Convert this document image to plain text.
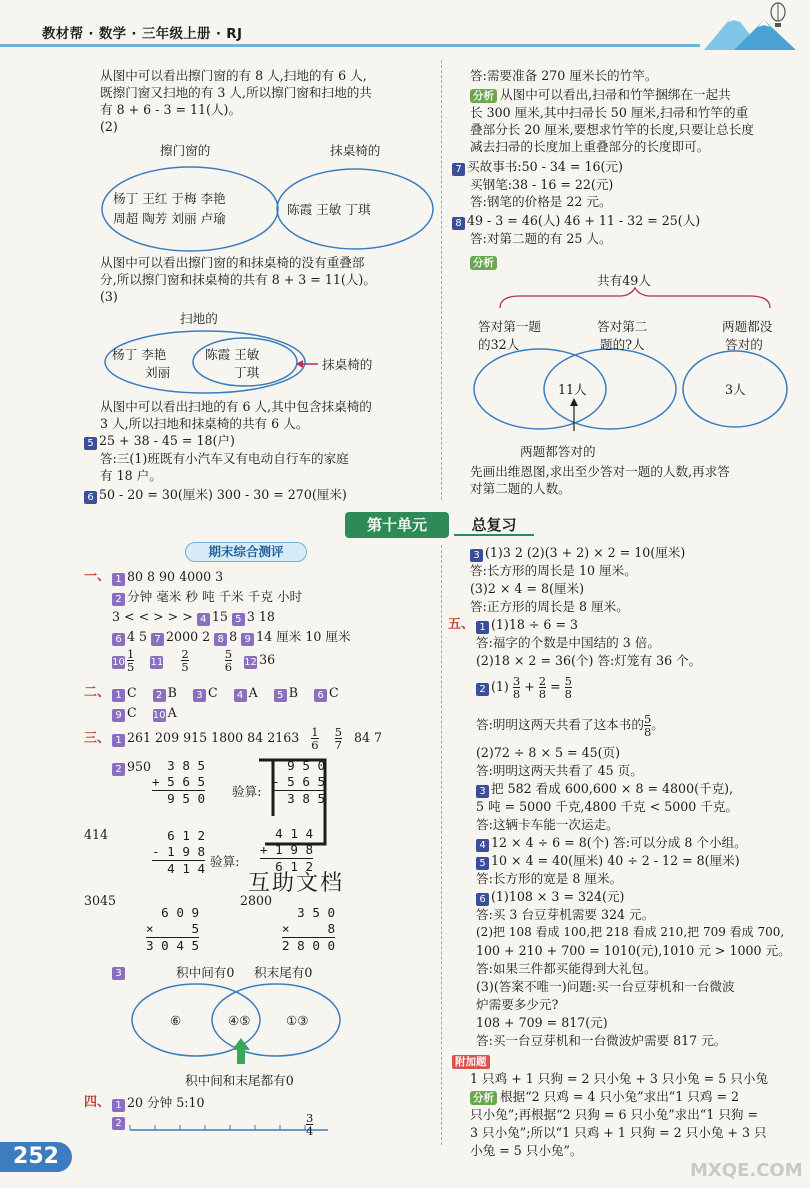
教材帮 · 数学 · 三年级上册 · RJ
从图中可以看出擦门窗的有 8 人,扫地的有 6 人,
既擦门窗又扫地的有 3 人,所以擦门窗和扫地的共
有 8 + 6 - 3 = 11(人)。
(2)
擦门窗的	抹桌椅的
杨丁 王红 于梅 李艳
周超 陶芳 刘丽 卢瑜
陈霞 王敏 丁琪
从图中可以看出擦门窗的和抹桌椅的没有重叠部
分,所以擦门窗和抹桌椅的共有 8 + 3 = 11(人)。
(3)
扫地的
杨丁 李艳
刘丽
陈霞 王敏
丁琪
抹桌椅的
从图中可以看出扫地的有 6 人,其中包含抹桌椅的
3 人,所以扫地和抹桌椅的共有 6 人。
5 25 + 38 - 45 = 18(户)
答:三(1)班既有小汽车又有电动自行车的家庭
有 18 户。
6 50 - 20 = 30(厘米) 300 - 30 = 270(厘米)
答:需要准备 270 厘米长的竹竿。
分析 从图中可以看出,扫帚和竹竿捆绑在一起共
长 300 厘米,其中扫帚长 50 厘米,扫帚和竹竿的重
叠部分长 20 厘米,要想求竹竿的长度,只要让总长度
减去扫帚的长度加上重叠部分的长度即可。
7 买故事书:50 - 34 = 16(元)
买钢笔:38 - 16 = 22(元)
答:钢笔的价格是 22 元。
8 49 - 3 = 46(人) 46 + 11 - 32 = 25(人)
答:对第二题的有 25 人。
分析
共有49人
答对第一题
的32人
答对第二
题的?人
两题都没
答对的
11人	3人
两题都答对的
先画出维恩图,求出至少答对一题的人数,再求答
对第二题的人数。
第十单元	总复习
期末综合测评
一、 1 80 8 90 4000 3
2 分钟 毫米 秒 吨 千米 千克 小时
3 < < > > > 4 15 5 3 18
6 4 5 7 2000 2 8 8 9 14 厘米 10 厘米
$10 \frac{1}{5} 11 \frac{2}{5}$
	$\frac{5}{6} 12$ 36
二、 1 C 2 B 3 C 4 A 5 B 6 C
9 C 10 A
三、 1 261 209 915 1800 84 $2163 \frac{1}{6}$
$\frac{5}{7} 84$ 7
2 950 3 8 5
+ 5 6 5
9 5 0 验算:
9 5 0
- 5 6 5
3 8 5
414	6 1 2
- 1 9 8
4 1 4 验算:
4 1 4
+ 1 9 8
6 1 2
互助文档
3045	2800
6 0 9
×     5
3 0 4 5
3 5 0
×     8
2 8 0 0
3	积中间有0 积末尾有0
⑥	④⑤	①③
积中间和末尾都有0
四、 1 20 分钟 5:10
2	$\frac{3}{4}$
3 (1)3 2 (2)(3 + 2) × 2 = 10(厘米)
答:长方形的周长是 10 厘米。
(3)2 × 4 = 8(厘米)
答:正方形的周长是 8 厘米。
五、 1 (1)18 ÷ 6 = 3
答:福字的个数是中国结的 3 倍。
(2)18 × 2 = 36(个) 答:灯笼有 36 个。
2 $(1) \frac{3}{8} + \frac{2}{8} = \frac{5}{8}$
答:明明这两天共看了这本书的 $\frac{5}{8}$ 。
(2)72 ÷ 8 × 5 = 45(页)
答:明明这两天共看了 45 页。
3 把 582 看成 600,600 × 8 = 4800(千克),
5 吨 = 5000 千克,4800 千克 < 5000 千克。
答:这辆卡车能一次运走。
4 12 × 4 ÷ 6 = 8(个) 答:可以分成 8 个小组。
5 10 × 4 = 40(厘米) 40 ÷ 2 - 12 = 8(厘米)
答:长方形的宽是 8 厘米。
6 (1)108 × 3 = 324(元)
答:买 3 台豆芽机需要 324 元。
(2)把 108 看成 100,把 218 看成 210,把 709 看成 700,
100 + 210 + 700 = 1010(元),1010 元 > 1000 元。
答:如果三件都买能得到大礼包。
(3)(答案不唯一)问题:买一台豆芽机和一台微波
炉需要多少元?
108 + 709 = 817(元)
答:买一台豆芽机和一台微波炉需要 817 元。
附加题
1 只鸡 + 1 只狗 = 2 只小兔 + 3 只小兔 = 5 只小兔
分析 根据“2 只鸡 = 4 只小兔”求出“1 只鸡 = 2
只小兔”;再根据“2 只狗 = 6 只小兔”求出“1 只狗 =
3 只小兔”;所以“1 只鸡 + 1 只狗 = 2 只小兔 + 3 只
小兔 = 5 只小兔”。
MXQE.COM
252
